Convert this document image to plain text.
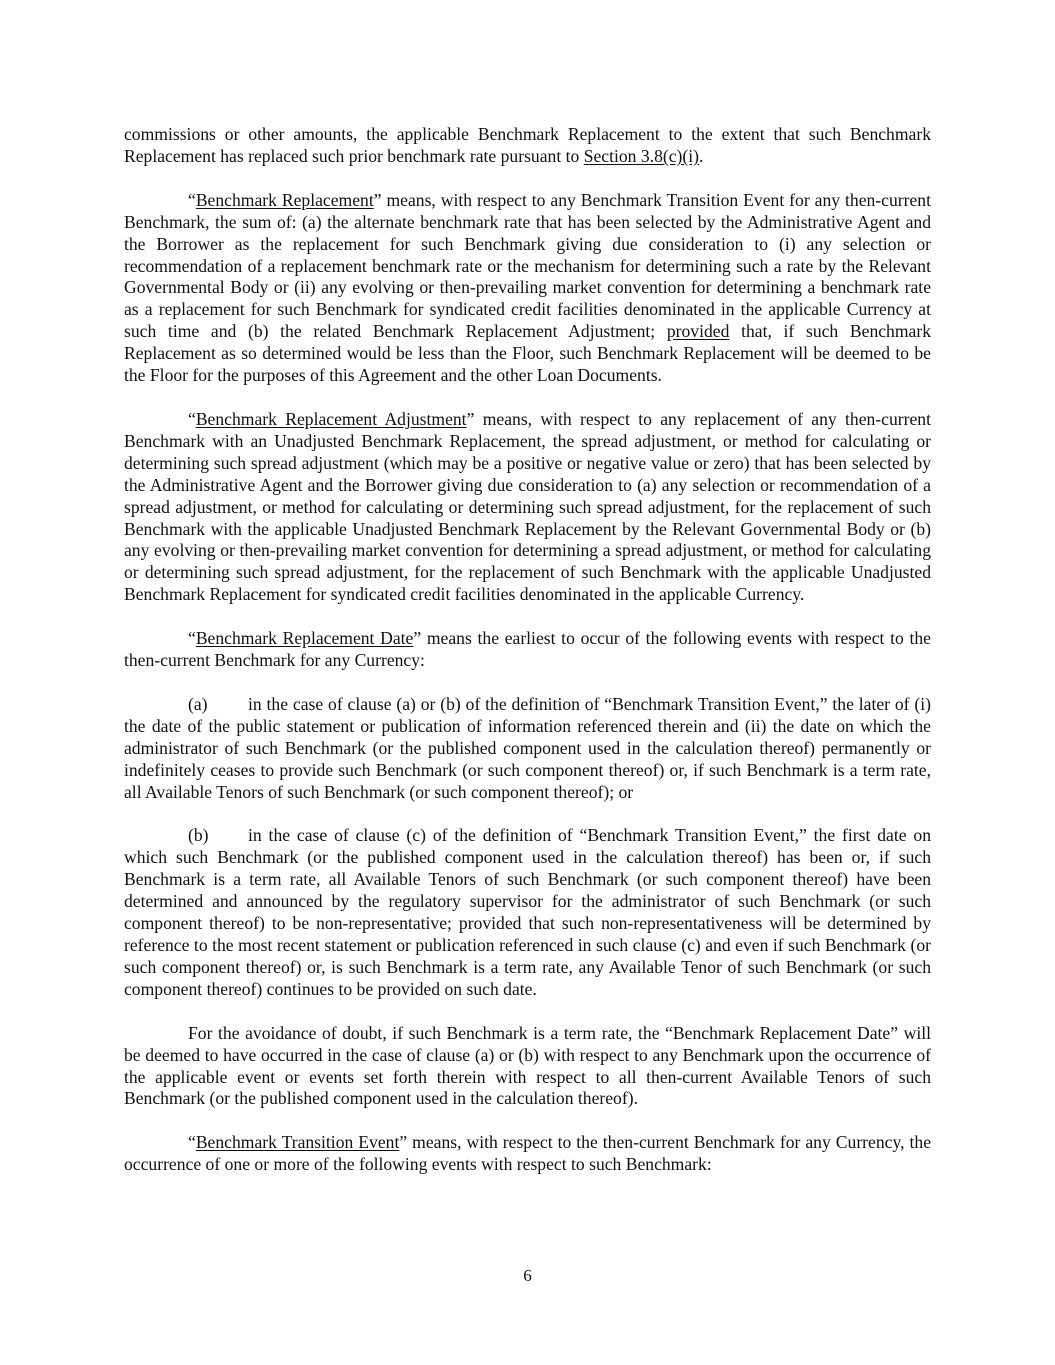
commissions or other amounts, the applicable Benchmark Replacement to the extent that such Benchmark Replacement has replaced such prior benchmark rate pursuant to Section 3.8(c)(i).

“Benchmark Replacement” means, with respect to any Benchmark Transition Event for any then-current Benchmark, the sum of: (a) the alternate benchmark rate that has been selected by the Administrative Agent and the Borrower as the replacement for such Benchmark giving due consideration to (i) any selection or recommendation of a replacement benchmark rate or the mechanism for determining such a rate by the Relevant Governmental Body or (ii) any evolving or then-prevailing market convention for determining a benchmark rate as a replacement for such Benchmark for syndicated credit facilities denominated in the applicable Currency at such time and (b) the related Benchmark Replacement Adjustment; provided that, if such Benchmark Replacement as so determined would be less than the Floor, such Benchmark Replacement will be deemed to be the Floor for the purposes of this Agreement and the other Loan Documents.

“Benchmark Replacement Adjustment” means, with respect to any replacement of any then-current Benchmark with an Unadjusted Benchmark Replacement, the spread adjustment, or method for calculating or determining such spread adjustment (which may be a positive or negative value or zero) that has been selected by the Administrative Agent and the Borrower giving due consideration to (a) any selection or recommendation of a spread adjustment, or method for calculating or determining such spread adjustment, for the replacement of such Benchmark with the applicable Unadjusted Benchmark Replacement by the Relevant Governmental Body or (b) any evolving or then-prevailing market convention for determining a spread adjustment, or method for calculating or determining such spread adjustment, for the replacement of such Benchmark with the applicable Unadjusted Benchmark Replacement for syndicated credit facilities denominated in the applicable Currency.

“Benchmark Replacement Date” means the earliest to occur of the following events with respect to the then-current Benchmark for any Currency:

(a) in the case of clause (a) or (b) of the definition of “Benchmark Transition Event,” the later of (i) the date of the public statement or publication of information referenced therein and (ii) the date on which the administrator of such Benchmark (or the published component used in the calculation thereof) permanently or indefinitely ceases to provide such Benchmark (or such component thereof) or, if such Benchmark is a term rate, all Available Tenors of such Benchmark (or such component thereof); or

(b) in the case of clause (c) of the definition of “Benchmark Transition Event,” the first date on which such Benchmark (or the published component used in the calculation thereof) has been or, if such Benchmark is a term rate, all Available Tenors of such Benchmark (or such component thereof) have been determined and announced by the regulatory supervisor for the administrator of such Benchmark (or such component thereof) to be non-representative; provided that such non-representativeness will be determined by reference to the most recent statement or publication referenced in such clause (c) and even if such Benchmark (or such component thereof) or, is such Benchmark is a term rate, any Available Tenor of such Benchmark (or such component thereof) continues to be provided on such date.

For the avoidance of doubt, if such Benchmark is a term rate, the “Benchmark Replacement Date” will be deemed to have occurred in the case of clause (a) or (b) with respect to any Benchmark upon the occurrence of the applicable event or events set forth therein with respect to all then-current Available Tenors of such Benchmark (or the published component used in the calculation thereof).

“Benchmark Transition Event” means, with respect to the then-current Benchmark for any Currency, the occurrence of one or more of the following events with respect to such Benchmark:

6
